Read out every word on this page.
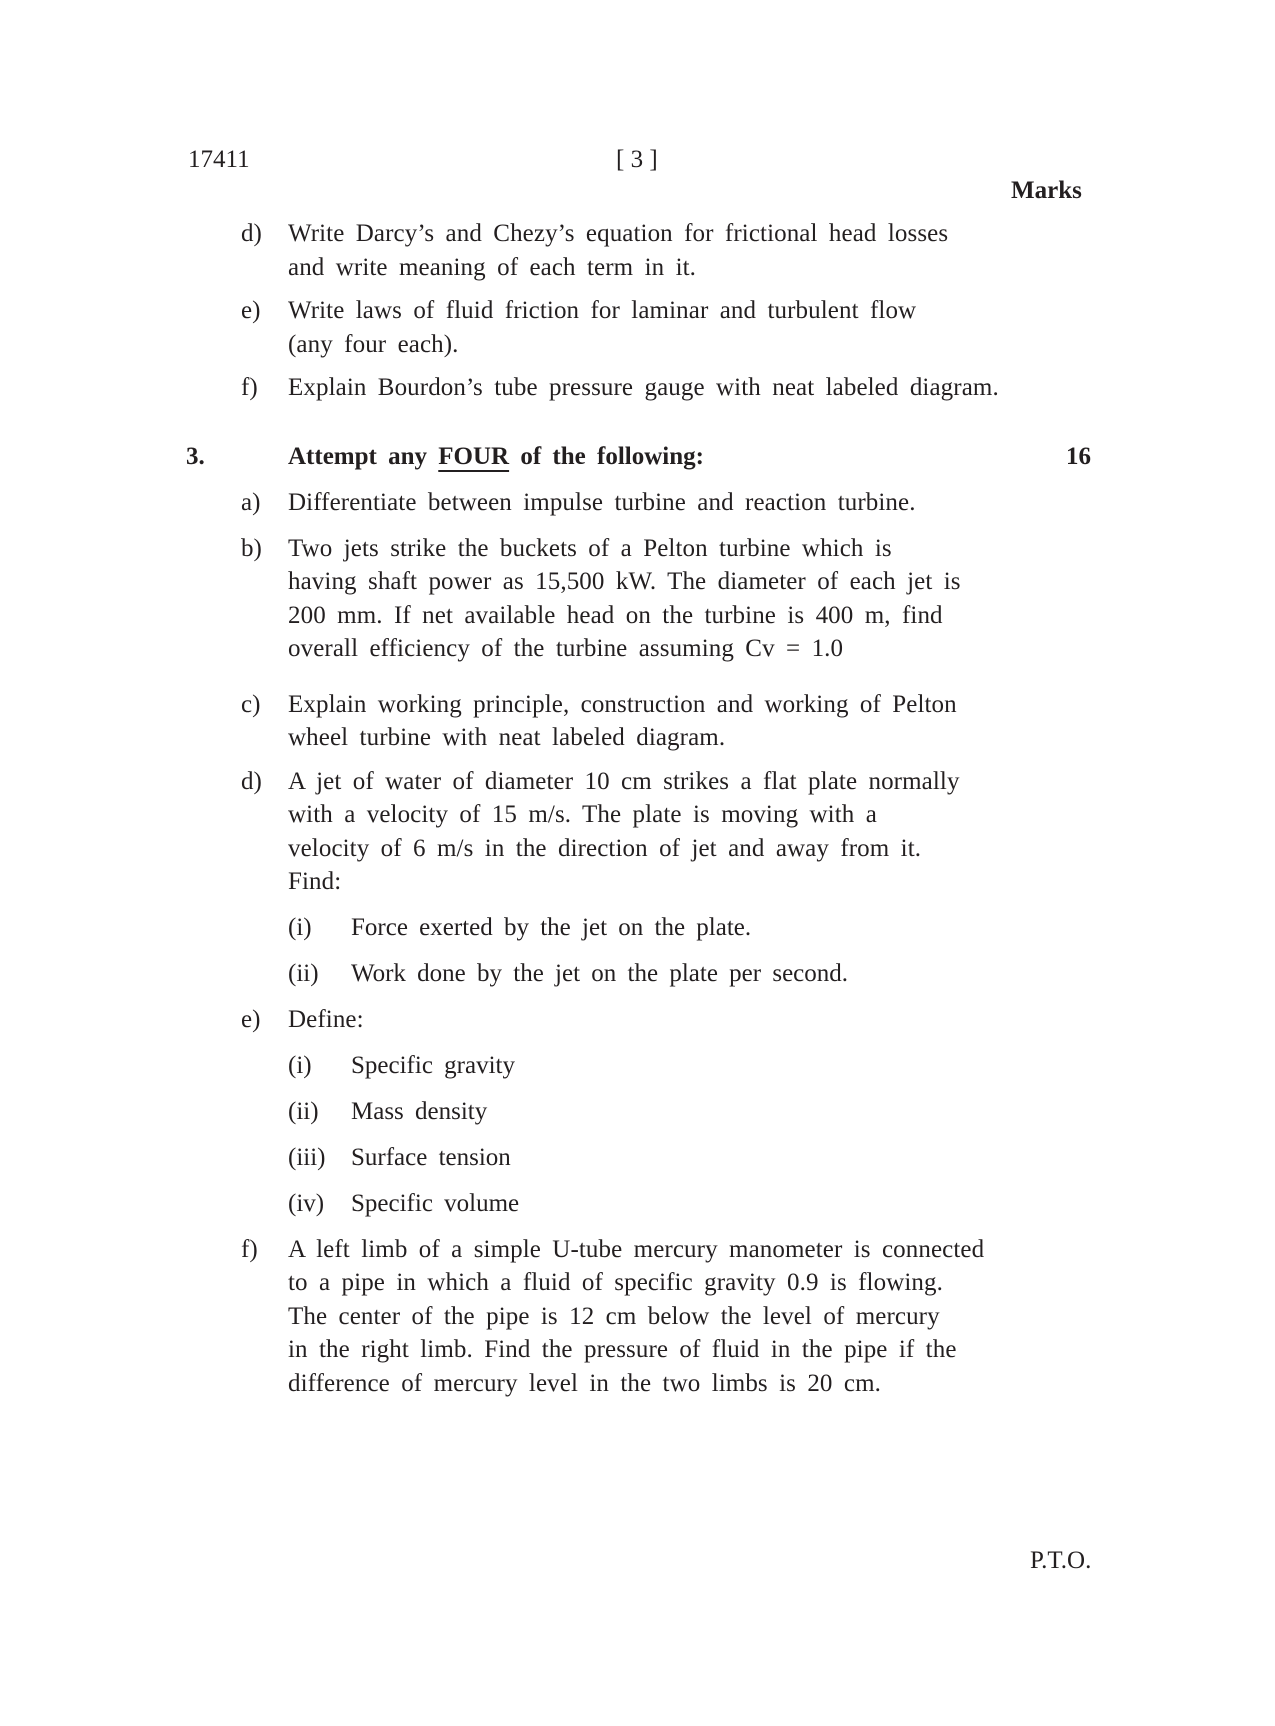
17411	[ 3 ]
Marks
d) Write Darcy’s and Chezy’s equation for frictional head losses
and write meaning of each term in it.
e) Write laws of fluid friction for laminar and turbulent flow
(any four each).
f) Explain Bourdon’s tube pressure gauge with neat labeled diagram.
3.	Attempt any FOUR of the following:	16
a) Differentiate between impulse turbine and reaction turbine.
b) Two jets strike the buckets of a Pelton turbine which is
having shaft power as 15,500 kW. The diameter of each jet is
200 mm. If net available head on the turbine is 400 m, find
overall efficiency of the turbine assuming Cv = 1.0
c) Explain working principle, construction and working of Pelton
wheel turbine with neat labeled diagram.
d) A jet of water of diameter 10 cm strikes a flat plate normally
with a velocity of 15 m/s. The plate is moving with a
velocity of 6 m/s in the direction of jet and away from it.
Find:
(i) Force exerted by the jet on the plate.
(ii) Work done by the jet on the plate per second.
e) Define:
(i) Specific gravity
(ii) Mass density
(iii) Surface tension
(iv) Specific volume
f) A left limb of a simple U-tube mercury manometer is connected
to a pipe in which a fluid of specific gravity 0.9 is flowing.
The center of the pipe is 12 cm below the level of mercury
in the right limb. Find the pressure of fluid in the pipe if the
difference of mercury level in the two limbs is 20 cm.
P.T.O.
